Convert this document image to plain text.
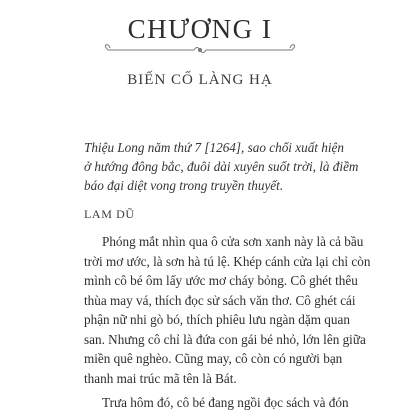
CHƯƠNG I
BIẾN CỐ LÀNG HẠ
Thiệu Long năm thứ 7 [1264], sao chổi xuất hiện
ở hướng đông bắc, đuôi dài xuyên suốt trời, là điềm
báo đại diệt vong trong truyền thuyết.
LAM DŨ
Phóng mắt nhìn qua ô cửa sơn xanh này là cả bầu
trời mơ ước, là sơn hà tú lệ. Khép cánh cửa lại chỉ còn
mình cô bé ôm lấy ước mơ cháy bỏng. Cô ghét thêu
thùa may vá, thích đọc sử sách văn thơ. Cô ghét cái
phận nữ nhi gò bó, thích phiêu lưu ngàn dặm quan
san. Nhưng cô chỉ là đứa con gái bé nhỏ, lớn lên giữa
miền quê nghèo. Cũng may, cô còn có người bạn
thanh mai trúc mã tên là Bát.
Trưa hôm đó, cô bé đang ngồi đọc sách và đón
